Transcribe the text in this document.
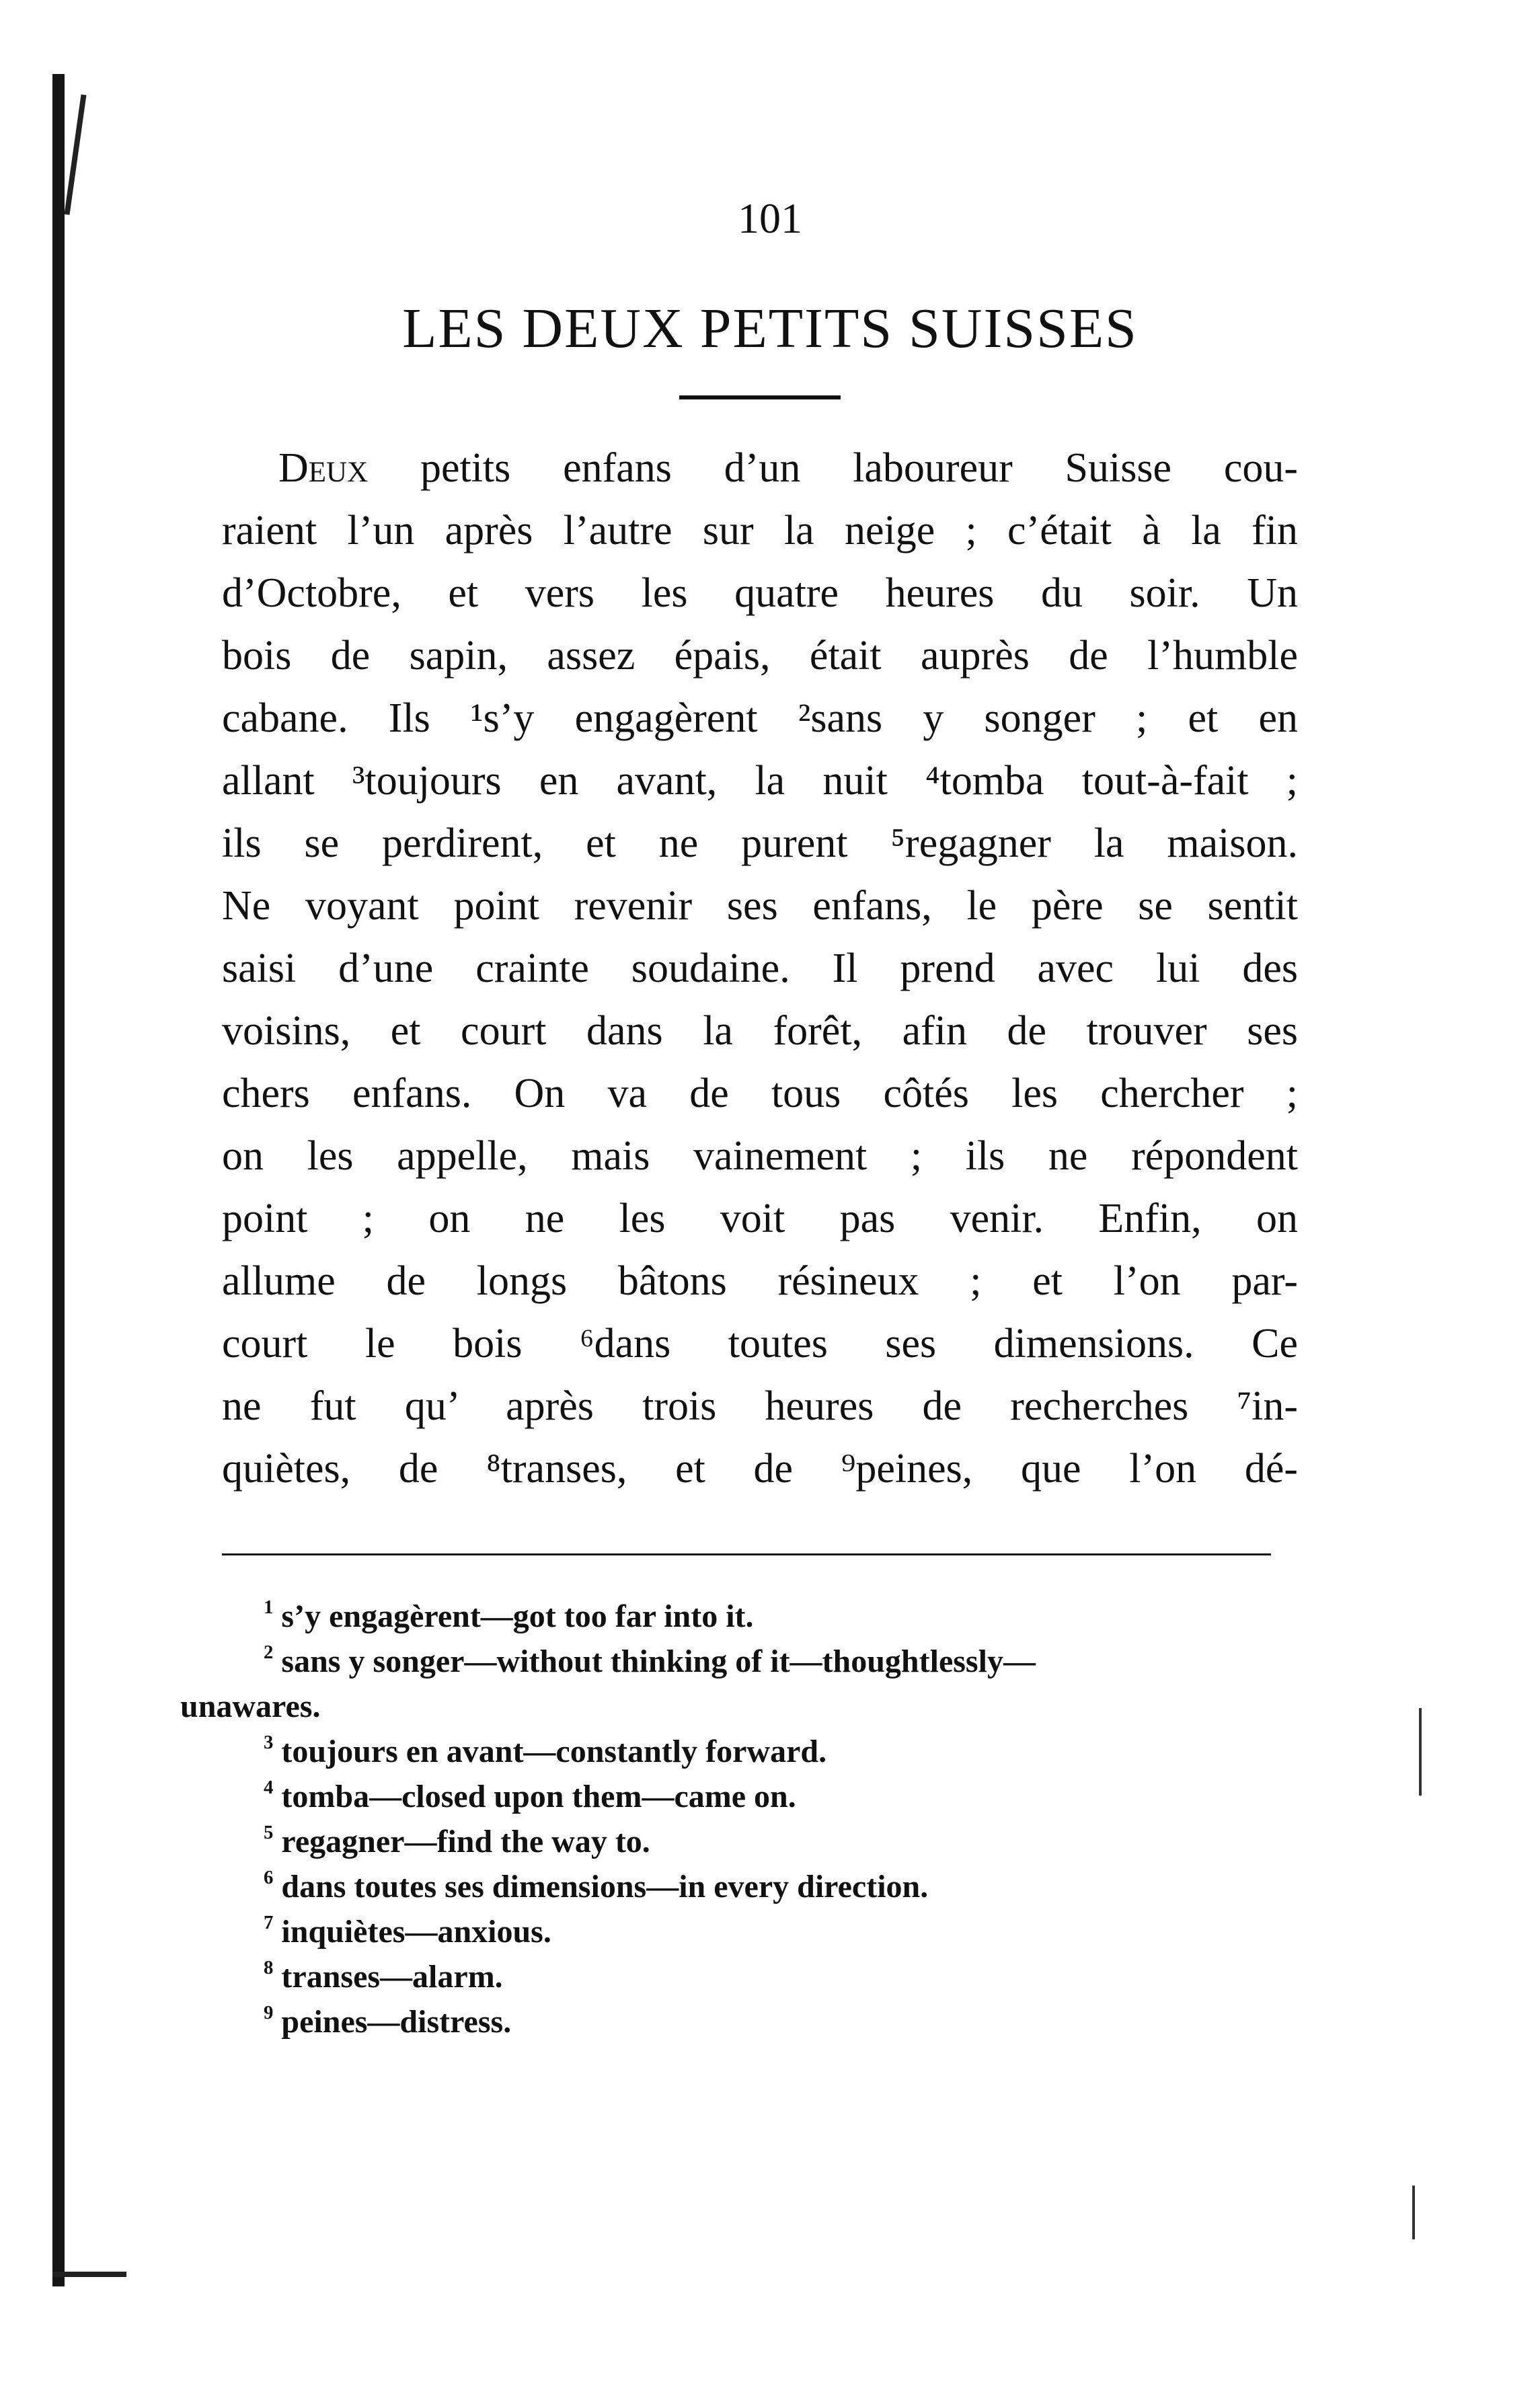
101
LES DEUX PETITS SUISSES
Deux petits enfans d’un laboureur Suisse cou-
raient l’un après l’autre sur la neige ; c’était à la fin
d’Octobre, et vers les quatre heures du soir. Un
bois de sapin, assez épais, était auprès de l’humble
cabane. Ils ¹s’y engagèrent ²sans y songer ; et en
allant ³toujours en avant, la nuit ⁴tomba tout-à-fait ;
ils se perdirent, et ne purent ⁵regagner la maison.
Ne voyant point revenir ses enfans, le père se sentit
saisi d’une crainte soudaine. Il prend avec lui des
voisins, et court dans la forêt, afin de trouver ses
chers enfans. On va de tous côtés les chercher ;
on les appelle, mais vainement ; ils ne répondent
point ; on ne les voit pas venir. Enfin, on
allume de longs bâtons résineux ; et l’on par-
court le bois ⁶dans toutes ses dimensions. Ce
ne fut qu’ après trois heures de recherches ⁷in-
quiètes, de ⁸transes, et de ⁹peines, que l’on dé-
$^1$ s’y engagèrent—got too far into it.
$^2$ sans y songer—without thinking of it—thoughtlessly—
unawares.
$^3$ toujours en avant—constantly forward.
$^4$ tomba—closed upon them—came on.
$^5$ regagner—find the way to.
$^6$ dans toutes ses dimensions—in every direction.
$^7$ inquiètes—anxious.
$^8$ transes—alarm.
$^9$ peines—distress.
